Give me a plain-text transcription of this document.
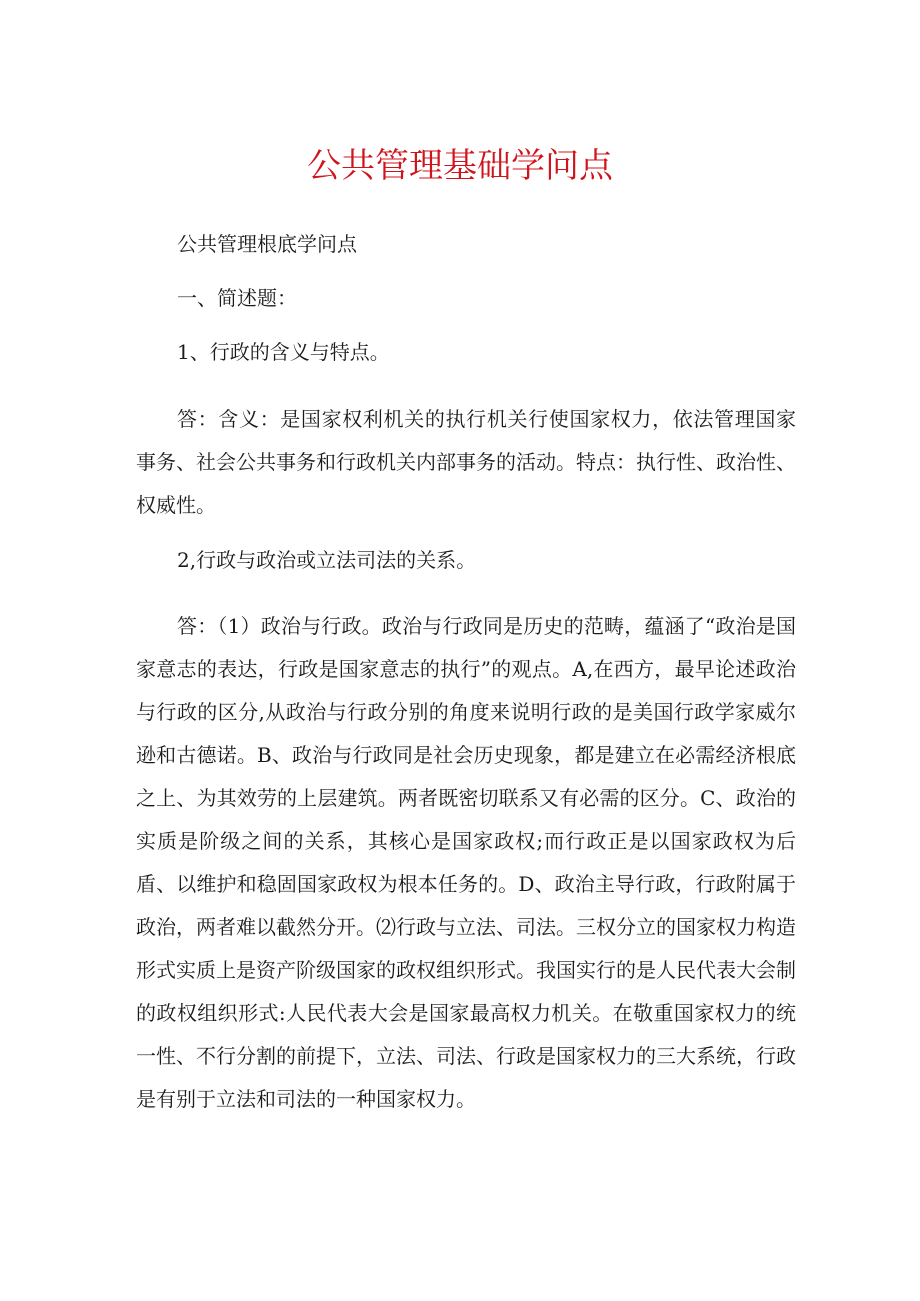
公共管理基础学问点

公共管理根底学问点

一、简述题：

1、行政的含义与特点。

答：含义：是国家权利机关的执行机关行使国家权力，依法管理国家事务、社会公共事务和行政机关内部事务的活动。特点：执行性、政治性、权威性。

2,行政与政治或立法司法的关系。

答：（1）政治与行政。政治与行政同是历史的范畴，蕴涵了“政治是国家意志的表达，行政是国家意志的执行”的观点。A,在西方，最早论述政治与行政的区分,从政治与行政分别的角度来说明行政的是美国行政学家威尔逊和古德诺。B、政治与行政同是社会历史现象，都是建立在必需经济根底之上、为其效劳的上层建筑。两者既密切联系又有必需的区分。C、政治的实质是阶级之间的关系，其核心是国家政权;而行政正是以国家政权为后盾、以维护和稳固国家政权为根本任务的。D、政治主导行政，行政附属于政治，两者难以截然分开。⑵行政与立法、司法。三权分立的国家权力构造形式实质上是资产阶级国家的政权组织形式。我国实行的是人民代表大会制的政权组织形式:人民代表大会是国家最高权力机关。在敬重国家权力的统一性、不行分割的前提下，立法、司法、行政是国家权力的三大系统，行政是有别于立法和司法的一种国家权力。
